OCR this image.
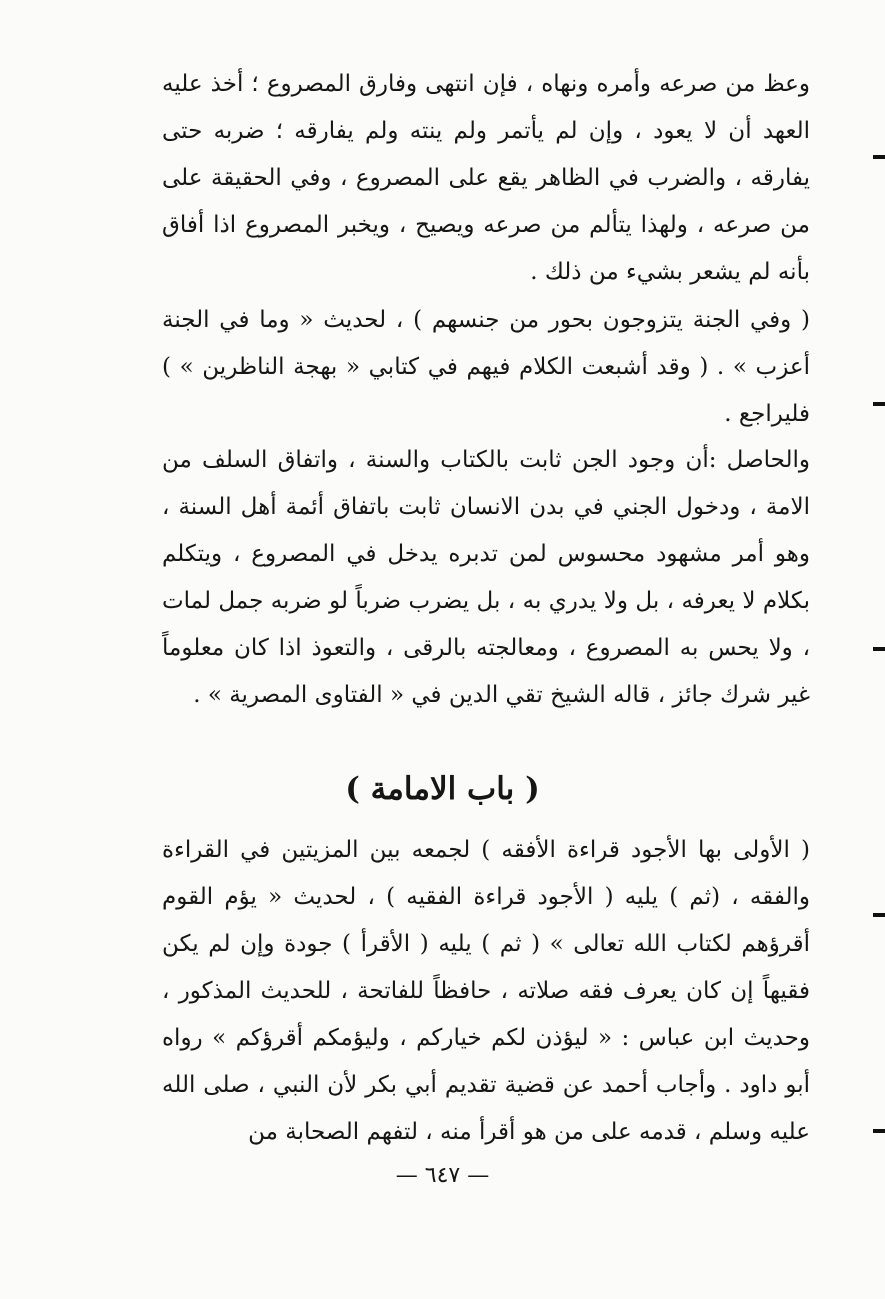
وعظ من صرعه وأمره ونهاه ، فإن انتهى وفارق المصروع ؛ أخذ عليه العهد أن لا يعود ، وإن لم يأتمر ولم ينته ولم يفارقه ؛ ضربه حتى يفارقه ، والضرب في الظاهر يقع على المصروع ، وفي الحقيقة على من صرعه ، ولهذا يتألم من صرعه ويصيح ، ويخبر المصروع اذا أفاق بأنه لم يشعر بشيء من ذلك .

( وفي الجنة يتزوجون بحور من جنسهم ) ، لحديث « وما في الجنة أعزب » . ( وقد أشبعت الكلام فيهم في كتابي « بهجة الناظرين » ) فليراجع .

والحاصل :أن وجود الجن ثابت بالكتاب والسنة ، واتفاق السلف من الامة ، ودخول الجني في بدن الانسان ثابت باتفاق أئمة أهل السنة ، وهو أمر مشهود محسوس لمن تدبره يدخل في المصروع ، ويتكلم بكلام لا يعرفه ، بل ولا يدري به ، بل يضرب ضرباً لو ضربه جمل لمات ، ولا يحس به المصروع ، ومعالجته بالرقى ، والتعوذ اذا كان معلوماً غير شرك جائز ، قاله الشيخ تقي الدين في « الفتاوى المصرية » .

( باب الامامة )

( الأولى بها الأجود قراءة الأفقه ) لجمعه بين المزيتين في القراءة والفقه ، (ثم ) يليه ( الأجود قراءة الفقيه ) ، لحديث « يؤم القوم أقرؤهم لكتاب الله تعالى » ( ثم ) يليه ( الأقرأ ) جودة وإن لم يكن فقيهاً إن كان يعرف فقه صلاته ، حافظاً للفاتحة ، للحديث المذكور ، وحديث ابن عباس : « ليؤذن لكم خياركم ، وليؤمكم أقرؤكم » رواه أبو داود . وأجاب أحمد عن قضية تقديم أبي بكر لأن النبي ، صلى الله عليه وسلم ، قدمه على من هو أقرأ منه ، لتفهم الصحابة من

— ٦٤٧ —
